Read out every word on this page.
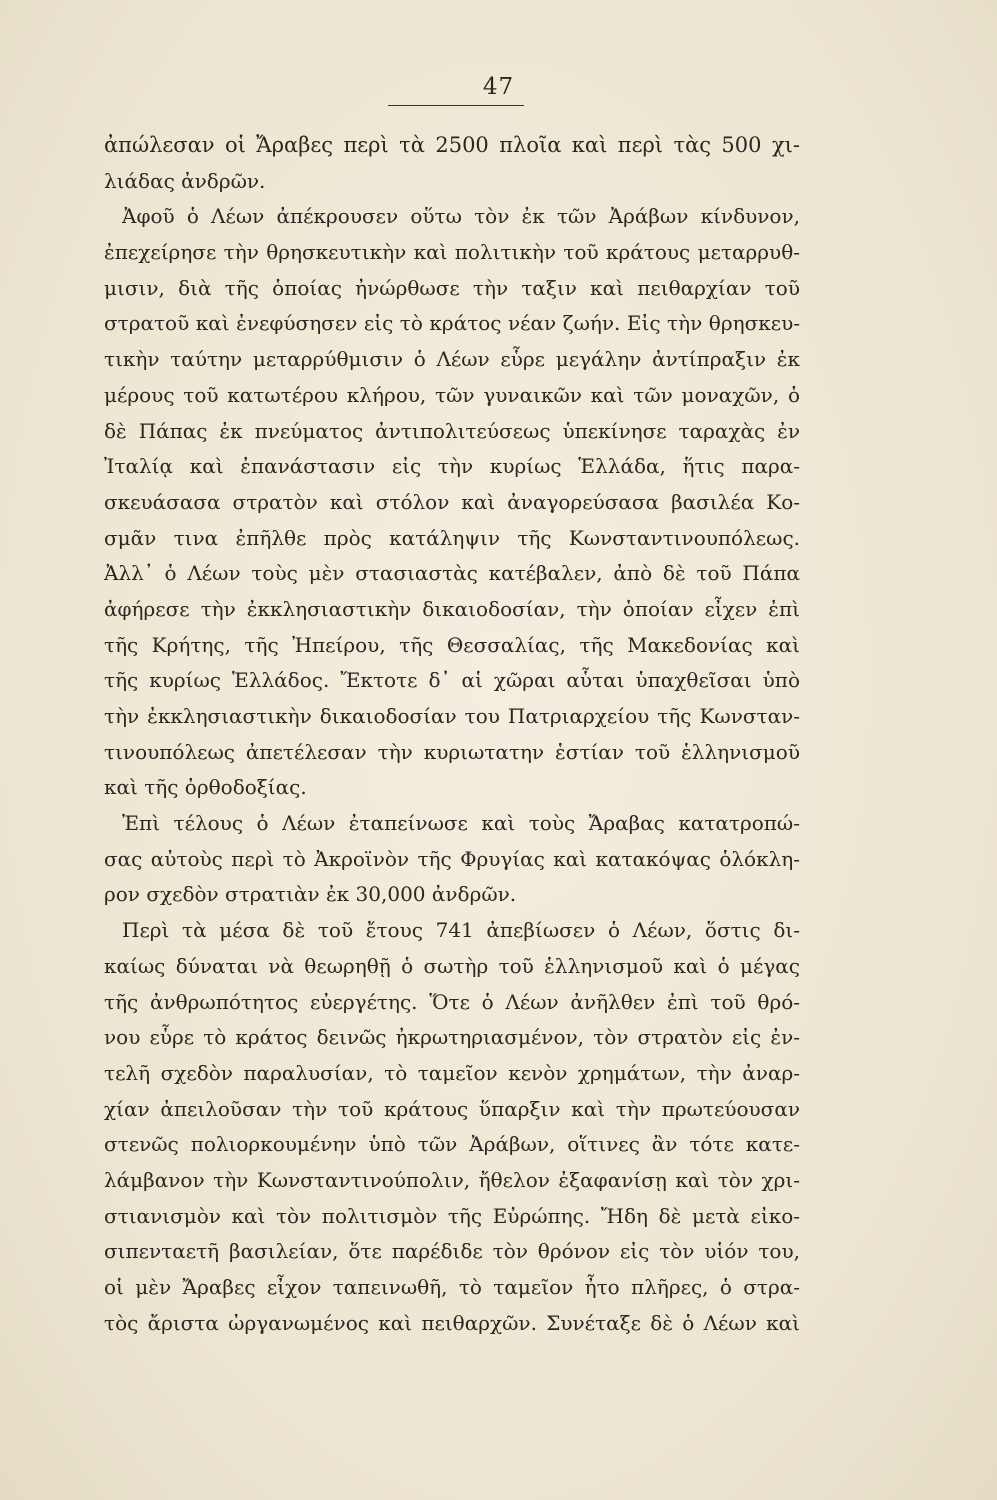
47
ἀπώλεσαν οἱ Ἄραβες περὶ τὰ 2500 πλοῖα καὶ περὶ τὰς 500 χι-
λιάδας ἀνδρῶν.
Ἀφοῦ ὁ Λέων ἀπέκρουσεν οὕτω τὸν ἐκ τῶν Ἀράβων κίνδυνον,
ἐπεχείρησε τὴν θρησκευτικὴν καὶ πολιτικὴν τοῦ κράτους μεταρρυθ-
μισιν, διὰ τῆς ὁποίας ἠνώρθωσε τὴν ταξιν καὶ πειθαρχίαν τοῦ
στρατοῦ καὶ ἐνεφύσησεν εἰς τὸ κράτος νέαν ζωήν. Εἰς τὴν θρησκευ-
τικὴν ταύτην μεταρρύθμισιν ὁ Λέων εὗρε μεγάλην ἀντίπραξιν ἐκ
μέρους τοῦ κατωτέρου κλήρου, τῶν γυναικῶν καὶ τῶν μοναχῶν, ὁ
δὲ Πάπας ἐκ πνεύματος ἀντιπολιτεύσεως ὑπεκίνησε ταραχὰς ἐν
Ἰταλίᾳ καὶ ἐπανάστασιν εἰς τὴν κυρίως Ἑλλάδα, ἥτις παρα-
σκευάσασα στρατὸν καὶ στόλον καὶ ἀναγορεύσασα βασιλέα Κο-
σμᾶν τινα ἐπῆλθε πρὸς κατάληψιν τῆς Κωνσταντινουπόλεως.
Ἀλλ᾽ ὁ Λέων τοὺς μὲν στασιαστὰς κατέβαλεν, ἀπὸ δὲ τοῦ Πάπα
ἀφήρεσε τὴν ἐκκλησιαστικὴν δικαιοδοσίαν, τὴν ὁποίαν εἶχεν ἐπὶ
τῆς Κρήτης, τῆς Ἠπείρου, τῆς Θεσσαλίας, τῆς Μακεδονίας καὶ
τῆς κυρίως Ἑλλάδος. Ἔκτοτε δ᾽ αἱ χῶραι αὗται ὑπαχθεῖσαι ὑπὸ
τὴν ἐκκλησιαστικὴν δικαιοδοσίαν του Πατριαρχείου τῆς Κωνσταν-
τινουπόλεως ἀπετέλεσαν τὴν κυριωτατην ἑστίαν τοῦ ἑλληνισμοῦ
καὶ τῆς ὀρθοδοξίας.
Ἐπὶ τέλους ὁ Λέων ἐταπείνωσε καὶ τοὺς Ἄραβας κατατροπώ-
σας αὐτοὺς περὶ τὸ Ἀκροϊνὸν τῆς Φρυγίας καὶ κατακόψας ὁλόκλη-
ρον σχεδὸν στρατιὰν ἐκ 30,000 ἀνδρῶν.
Περὶ τὰ μέσα δὲ τοῦ ἔτους 741 ἀπεβίωσεν ὁ Λέων, ὅστις δι-
καίως δύναται νὰ θεωρηθῇ ὁ σωτὴρ τοῦ ἑλληνισμοῦ καὶ ὁ μέγας
τῆς ἀνθρωπότητος εὐεργέτης. Ὅτε ὁ Λέων ἀνῆλθεν ἐπὶ τοῦ θρό-
νου εὗρε τὸ κράτος δεινῶς ἠκρωτηριασμένον, τὸν στρατὸν εἰς ἐν-
τελῆ σχεδὸν παραλυσίαν, τὸ ταμεῖον κενὸν χρημάτων, τὴν ἀναρ-
χίαν ἀπειλοῦσαν τὴν τοῦ κράτους ὕπαρξιν καὶ τὴν πρωτεύουσαν
στενῶς πολιορκουμένην ὑπὸ τῶν Ἀράβων, οἵτινες ἂν τότε κατε-
λάμβανον τὴν Κωνσταντινούπολιν, ἤθελον ἐξαφανίσῃ καὶ τὸν χρι-
στιανισμὸν καὶ τὸν πολιτισμὸν τῆς Εὐρώπης. Ἤδη δὲ μετὰ εἰκο-
σιπενταετῆ βασιλείαν, ὅτε παρέδιδε τὸν θρόνον εἰς τὸν υἱόν του,
οἱ μὲν Ἄραβες εἶχον ταπεινωθῆ, τὸ ταμεῖον ἦτο πλῆρες, ὁ στρα-
τὸς ἄριστα ὠργανωμένος καὶ πειθαρχῶν. Συνέταξε δὲ ὁ Λέων καὶ
